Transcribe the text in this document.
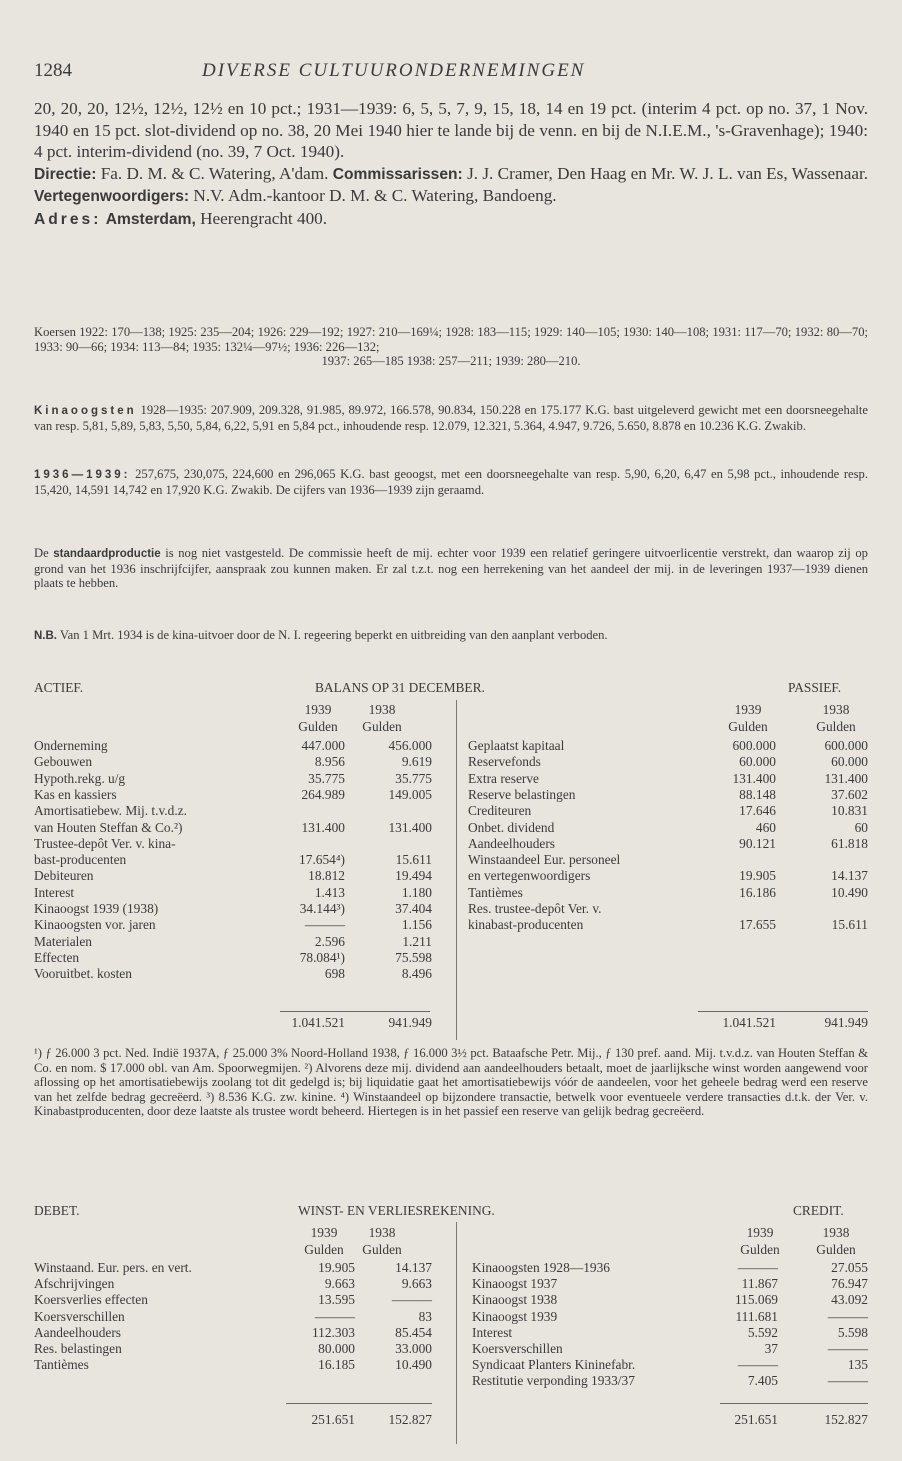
1284	DIVERSE CULTUURONDERNEMINGEN

20, 20, 20, 12½, 12½, 12½ en 10 pct.; 1931—1939: 6, 5, 5, 7, 9, 15, 18, 14 en 19 pct. (interim 4 pct. op no. 37, 1 Nov. 1940 en 15 pct. slot-dividend op no. 38, 20 Mei 1940 hier te lande bij de venn. en bij de N.I.E.M., 's-Gravenhage); 1940: 4 pct. interim-dividend (no. 39, 7 Oct. 1940).

Directie: Fa. D. M. & C. Watering, A'dam. Commissarissen: J. J. Cramer, Den Haag en Mr. W. J. L. van Es, Wassenaar. Vertegenwoordigers: N.V. Adm.-kantoor D. M. & C. Watering, Bandoeng.

Adres: Amsterdam, Heerengracht 400.

Koersen 1922: 170—138; 1925: 235—204; 1926: 229—192; 1927: 210—169¼; 1928: 183—115; 1929: 140—105; 1930: 140—108; 1931: 117—70; 1932: 80—70; 1933: 90—66; 1934: 113—84; 1935: 132¼—97½; 1936: 226—132;

1937: 265—185 1938: 257—211; 1939: 280—210.

Kinaoogsten 1928—1935: 207.909, 209.328, 91.985, 89.972, 166.578, 90.834, 150.228 en 175.177 K.G. bast uitgeleverd gewicht met een doorsneegehalte van resp. 5,81, 5,89, 5,83, 5,50, 5,84, 6,22, 5,91 en 5,84 pct., inhoudende resp. 12.079, 12.321, 5.364, 4.947, 9.726, 5.650, 8.878 en 10.236 K.G. Zwakib.

1936—1939: 257,675, 230,075, 224,600 en 296,065 K.G. bast geoogst, met een doorsneegehalte van resp. 5,90, 6,20, 6,47 en 5,98 pct., inhoudende resp. 15,420, 14,591 14,742 en 17,920 K.G. Zwakib. De cijfers van 1936—1939 zijn geraamd.

De standaardproductie is nog niet vastgesteld. De commissie heeft de mij. echter voor 1939 een relatief geringere uitvoerlicentie verstrekt, dan waarop zij op grond van het 1936 inschrijfcijfer, aanspraak zou kunnen maken. Er zal t.z.t. nog een herrekening van het aandeel der mij. in de leveringen 1937—1939 dienen plaats te hebben.

N.B. Van 1 Mrt. 1934 is de kina-uitvoer door de N. I. regeering beperkt en uitbreiding van den aanplant verboden.

ACTIEF.	BALANS OP 31 DECEMBER.	PASSIEF.
1939	1938
Gulden	Gulden
1939	1938
Gulden	Gulden
Onderneming	447.000	456.000
Gebouwen	8.956	9.619
Hypoth.rekg. u/g	35.775	35.775
Kas en kassiers	264.989	149.005
Amortisatiebew. Mij. t.v.d.z.
van Houten Steffan & Co.²)	131.400	131.400
Trustee-depôt Ver. v. kina-
bast-producenten	17.654⁴)	15.611
Debiteuren	18.812	19.494
Interest	1.413	1.180
Kinaoogst 1939 (1938)	34.144³)	37.404
Kinaoogsten vor. jaren	———	1.156
Materialen	2.596	1.211
Effecten	78.084¹)	75.598
Vooruitbet. kosten	698	8.496
Geplaatst kapitaal	600.000	600.000
Reservefonds	60.000	60.000
Extra reserve	131.400	131.400
Reserve belastingen	88.148	37.602
Crediteuren	17.646	10.831
Onbet. dividend	460	60
Aandeelhouders	90.121	61.818
Winstaandeel Eur. personeel
en vertegenwoordigers	19.905	14.137
Tantièmes	16.186	10.490
Res. trustee-depôt Ver. v.
kinabast-producenten	17.655	15.611
1.041.521	941.949	1.041.521	941.949

¹) ƒ 26.000 3 pct. Ned. Indië 1937A, ƒ 25.000 3% Noord-Holland 1938, ƒ 16.000 3½ pct. Bataafsche Petr. Mij., ƒ 130 pref. aand. Mij. t.v.d.z. van Houten Steffan & Co. en nom. $ 17.000 obl. van Am. Spoorwegmijen. ²) Alvorens deze mij. dividend aan aandeelhouders betaalt, moet de jaarlijksche winst worden aangewend voor aflossing op het amortisatiebewijs zoolang tot dit gedelgd is; bij liquidatie gaat het amortisatiebewijs vóór de aandeelen, voor het geheele bedrag werd een reserve van het zelfde bedrag gecreëerd. ³) 8.536 K.G. zw. kinine. ⁴) Winstaandeel op bijzondere transactie, betwelk voor eventueele verdere transacties d.t.k. der Ver. v. Kinabastproducenten, door deze laatste als trustee wordt beheerd. Hiertegen is in het passief een reserve van gelijk bedrag gecreëerd.

DEBET.	WINST- EN VERLIESREKENING.	CREDIT.
1939	1938
Gulden	Gulden
1939	1938
Gulden	Gulden
Winstaand. Eur. pers. en vert.	19.905	14.137
Afschrijvingen	9.663	9.663
Koersverlies effecten	13.595	———
Koersverschillen	———	83
Aandeelhouders	112.303	85.454
Res. belastingen	80.000	33.000
Tantièmes	16.185	10.490
Kinaoogsten 1928—1936	———	27.055
Kinaoogst 1937	11.867	76.947
Kinaoogst 1938	115.069	43.092
Kinaoogst 1939	111.681	———
Interest	5.592	5.598
Koersverschillen	37	———
Syndicaat Planters Kininefabr.	———	135
Restitutie verponding 1933/37	7.405	———
251.651	152.827	251.651	152.827
